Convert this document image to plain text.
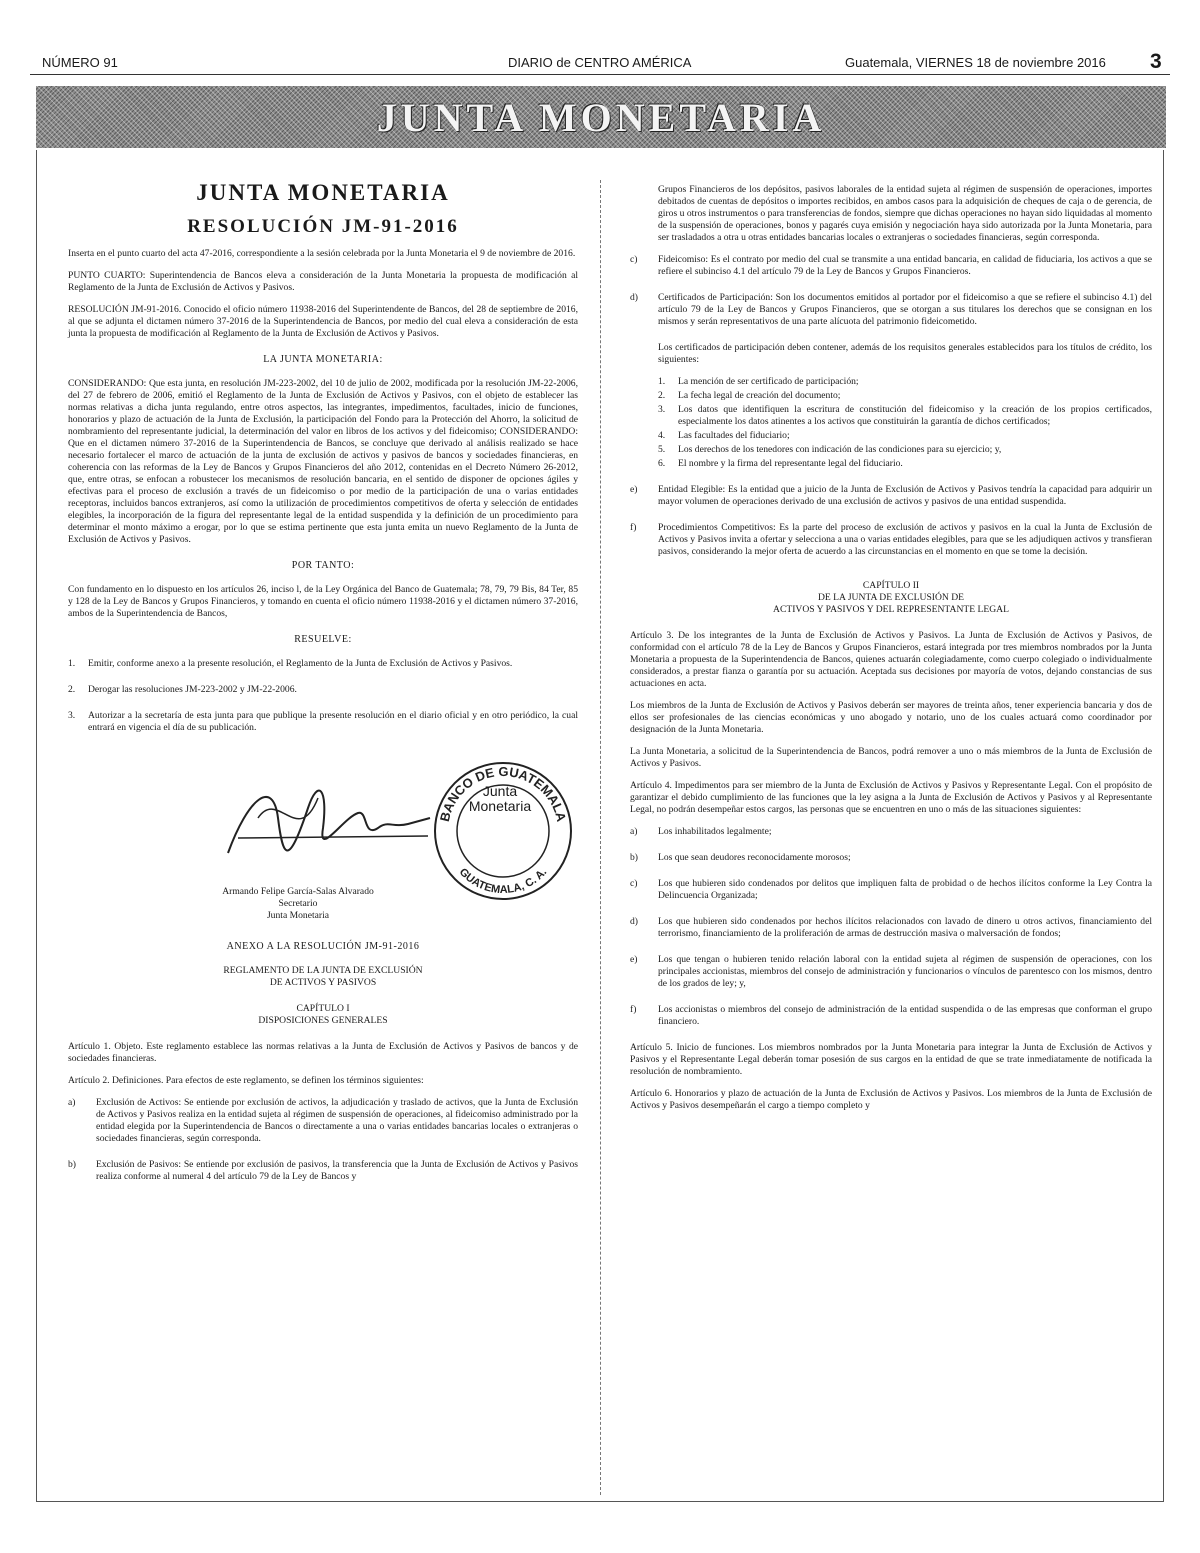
NÚMERO 91	DIARIO de CENTRO AMÉRICA	Guatemala, VIERNES 18 de noviembre 2016 3
JUNTA MONETARIA

JUNTA MONETARIA

RESOLUCIÓN JM-91-2016

Inserta en el punto cuarto del acta 47-2016, correspondiente a la sesión celebrada por la Junta Monetaria el 9 de noviembre de 2016.

PUNTO CUARTO: Superintendencia de Bancos eleva a consideración de la Junta Monetaria la propuesta de modificación al Reglamento de la Junta de Exclusión de Activos y Pasivos.

RESOLUCIÓN JM-91-2016. Conocido el oficio número 11938-2016 del Superintendente de Bancos, del 28 de septiembre de 2016, al que se adjunta el dictamen número 37-2016 de la Superintendencia de Bancos, por medio del cual eleva a consideración de esta junta la propuesta de modificación al Reglamento de la Junta de Exclusión de Activos y Pasivos.

LA JUNTA MONETARIA:

CONSIDERANDO: Que esta junta, en resolución JM-223-2002, del 10 de julio de 2002, modificada por la resolución JM-22-2006, del 27 de febrero de 2006, emitió el Reglamento de la Junta de Exclusión de Activos y Pasivos, con el objeto de establecer las normas relativas a dicha junta regulando, entre otros aspectos, las integrantes, impedimentos, facultades, inicio de funciones, honorarios y plazo de actuación de la Junta de Exclusión, la participación del Fondo para la Protección del Ahorro, la solicitud de nombramiento del representante judicial, la determinación del valor en libros de los activos y del fideicomiso; CONSIDERANDO: Que en el dictamen número 37-2016 de la Superintendencia de Bancos, se concluye que derivado al análisis realizado se hace necesario fortalecer el marco de actuación de la junta de exclusión de activos y pasivos de bancos y sociedades financieras, en coherencia con las reformas de la Ley de Bancos y Grupos Financieros del año 2012, contenidas en el Decreto Número 26-2012, que, entre otras, se enfocan a robustecer los mecanismos de resolución bancaria, en el sentido de disponer de opciones ágiles y efectivas para el proceso de exclusión a través de un fideicomiso o por medio de la participación de una o varias entidades receptoras, incluidos bancos extranjeros, así como la utilización de procedimientos competitivos de oferta y selección de entidades elegibles, la incorporación de la figura del representante legal de la entidad suspendida y la definición de un procedimiento para determinar el monto máximo a erogar, por lo que se estima pertinente que esta junta emita un nuevo Reglamento de la Junta de Exclusión de Activos y Pasivos.

POR TANTO:

Con fundamento en lo dispuesto en los artículos 26, inciso l, de la Ley Orgánica del Banco de Guatemala; 78, 79, 79 Bis, 84 Ter, 85 y 128 de la Ley de Bancos y Grupos Financieros, y tomando en cuenta el oficio número 11938-2016 y el dictamen número 37-2016, ambos de la Superintendencia de Bancos,

RESUELVE:
1.	Emitir, conforme anexo a la presente resolución, el Reglamento de la Junta de Exclusión de Activos y Pasivos.
2.	Derogar las resoluciones JM-223-2002 y JM-22-2006.
3.	Autorizar a la secretaría de esta junta para que publique la presente resolución en el diario oficial y en otro periódico, la cual entrará en vigencia el día de su publicación.
BANCO DE GUATEMALA
GUATEMALA, C. A.
Junta
Monetaria
Armando Felipe García-Salas Alvarado
Secretario
Junta Monetaria
ANEXO A LA RESOLUCIÓN JM-91-2016
REGLAMENTO DE LA JUNTA DE EXCLUSIÓN
DE ACTIVOS Y PASIVOS
CAPÍTULO I
DISPOSICIONES GENERALES

Artículo 1. Objeto. Este reglamento establece las normas relativas a la Junta de Exclusión de Activos y Pasivos de bancos y de sociedades financieras.

Artículo 2. Definiciones. Para efectos de este reglamento, se definen los términos siguientes:

a)	Exclusión de Activos: Se entiende por exclusión de activos, la adjudicación y traslado de activos, que la Junta de Exclusión de Activos y Pasivos realiza en la entidad sujeta al régimen de suspensión de operaciones, al fideicomiso administrado por la entidad elegida por la Superintendencia de Bancos o directamente a una o varias entidades bancarias locales o extranjeras o sociedades financieras, según corresponda.
b)	Exclusión de Pasivos: Se entiende por exclusión de pasivos, la transferencia que la Junta de Exclusión de Activos y Pasivos realiza conforme al numeral 4 del artículo 79 de la Ley de Bancos y

Grupos Financieros de los depósitos, pasivos laborales de la entidad sujeta al régimen de suspensión de operaciones, importes debitados de cuentas de depósitos o importes recibidos, en ambos casos para la adquisición de cheques de caja o de gerencia, de giros u otros instrumentos o para transferencias de fondos, siempre que dichas operaciones no hayan sido liquidadas al momento de la suspensión de operaciones, bonos y pagarés cuya emisión y negociación haya sido autorizada por la Junta Monetaria, para ser trasladados a otra u otras entidades bancarias locales o extranjeras o sociedades financieras, según corresponda.

c)	Fideicomiso: Es el contrato por medio del cual se transmite a una entidad bancaria, en calidad de fiduciaria, los activos a que se refiere el subinciso 4.1 del artículo 79 de la Ley de Bancos y Grupos Financieros.
d)	Certificados de Participación: Son los documentos emitidos al portador por el fideicomiso a que se refiere el subinciso 4.1) del artículo 79 de la Ley de Bancos y Grupos Financieros, que se otorgan a sus titulares los derechos que se consignan en los mismos y serán representativos de una parte alícuota del patrimonio fideicometido.

Los certificados de participación deben contener, además de los requisitos generales establecidos para los títulos de crédito, los siguientes:

1.	La mención de ser certificado de participación;
2.	La fecha legal de creación del documento;
3.	Los datos que identifiquen la escritura de constitución del fideicomiso y la creación de los propios certificados, especialmente los datos atinentes a los activos que constituirán la garantía de dichos certificados;
4.	Las facultades del fiduciario;
5.	Los derechos de los tenedores con indicación de las condiciones para su ejercicio; y,
6.	El nombre y la firma del representante legal del fiduciario.
e)	Entidad Elegible: Es la entidad que a juicio de la Junta de Exclusión de Activos y Pasivos tendría la capacidad para adquirir un mayor volumen de operaciones derivado de una exclusión de activos y pasivos de una entidad suspendida.
f)	Procedimientos Competitivos: Es la parte del proceso de exclusión de activos y pasivos en la cual la Junta de Exclusión de Activos y Pasivos invita a ofertar y selecciona a una o varias entidades elegibles, para que se les adjudiquen activos y transfieran pasivos, considerando la mejor oferta de acuerdo a las circunstancias en el momento en que se tome la decisión.
CAPÍTULO II
DE LA JUNTA DE EXCLUSIÓN DE
ACTIVOS Y PASIVOS Y DEL REPRESENTANTE LEGAL

Artículo 3. De los integrantes de la Junta de Exclusión de Activos y Pasivos. La Junta de Exclusión de Activos y Pasivos, de conformidad con el artículo 78 de la Ley de Bancos y Grupos Financieros, estará integrada por tres miembros nombrados por la Junta Monetaria a propuesta de la Superintendencia de Bancos, quienes actuarán colegiadamente, como cuerpo colegiado o individualmente considerados, a prestar fianza o garantía por su actuación. Aceptada sus decisiones por mayoría de votos, dejando constancias de sus actuaciones en acta.

Los miembros de la Junta de Exclusión de Activos y Pasivos deberán ser mayores de treinta años, tener experiencia bancaria y dos de ellos ser profesionales de las ciencias económicas y uno abogado y notario, uno de los cuales actuará como coordinador por designación de la Junta Monetaria.

La Junta Monetaria, a solicitud de la Superintendencia de Bancos, podrá remover a uno o más miembros de la Junta de Exclusión de Activos y Pasivos.

Artículo 4. Impedimentos para ser miembro de la Junta de Exclusión de Activos y Pasivos y Representante Legal. Con el propósito de garantizar el debido cumplimiento de las funciones que la ley asigna a la Junta de Exclusión de Activos y Pasivos y al Representante Legal, no podrán desempeñar estos cargos, las personas que se encuentren en uno o más de las situaciones siguientes:

a)	Los inhabilitados legalmente;
b)	Los que sean deudores reconocidamente morosos;
c)	Los que hubieren sido condenados por delitos que impliquen falta de probidad o de hechos ilícitos conforme la Ley Contra la Delincuencia Organizada;
d)	Los que hubieren sido condenados por hechos ilícitos relacionados con lavado de dinero u otros activos, financiamiento del terrorismo, financiamiento de la proliferación de armas de destrucción masiva o malversación de fondos;
e)	Los que tengan o hubieren tenido relación laboral con la entidad sujeta al régimen de suspensión de operaciones, con los principales accionistas, miembros del consejo de administración y funcionarios o vínculos de parentesco con los mismos, dentro de los grados de ley; y,
f)	Los accionistas o miembros del consejo de administración de la entidad suspendida o de las empresas que conforman el grupo financiero.

Artículo 5. Inicio de funciones. Los miembros nombrados por la Junta Monetaria para integrar la Junta de Exclusión de Activos y Pasivos y el Representante Legal deberán tomar posesión de sus cargos en la entidad de que se trate inmediatamente de notificada la resolución de nombramiento.

Artículo 6. Honorarios y plazo de actuación de la Junta de Exclusión de Activos y Pasivos. Los miembros de la Junta de Exclusión de Activos y Pasivos desempeñarán el cargo a tiempo completo y
